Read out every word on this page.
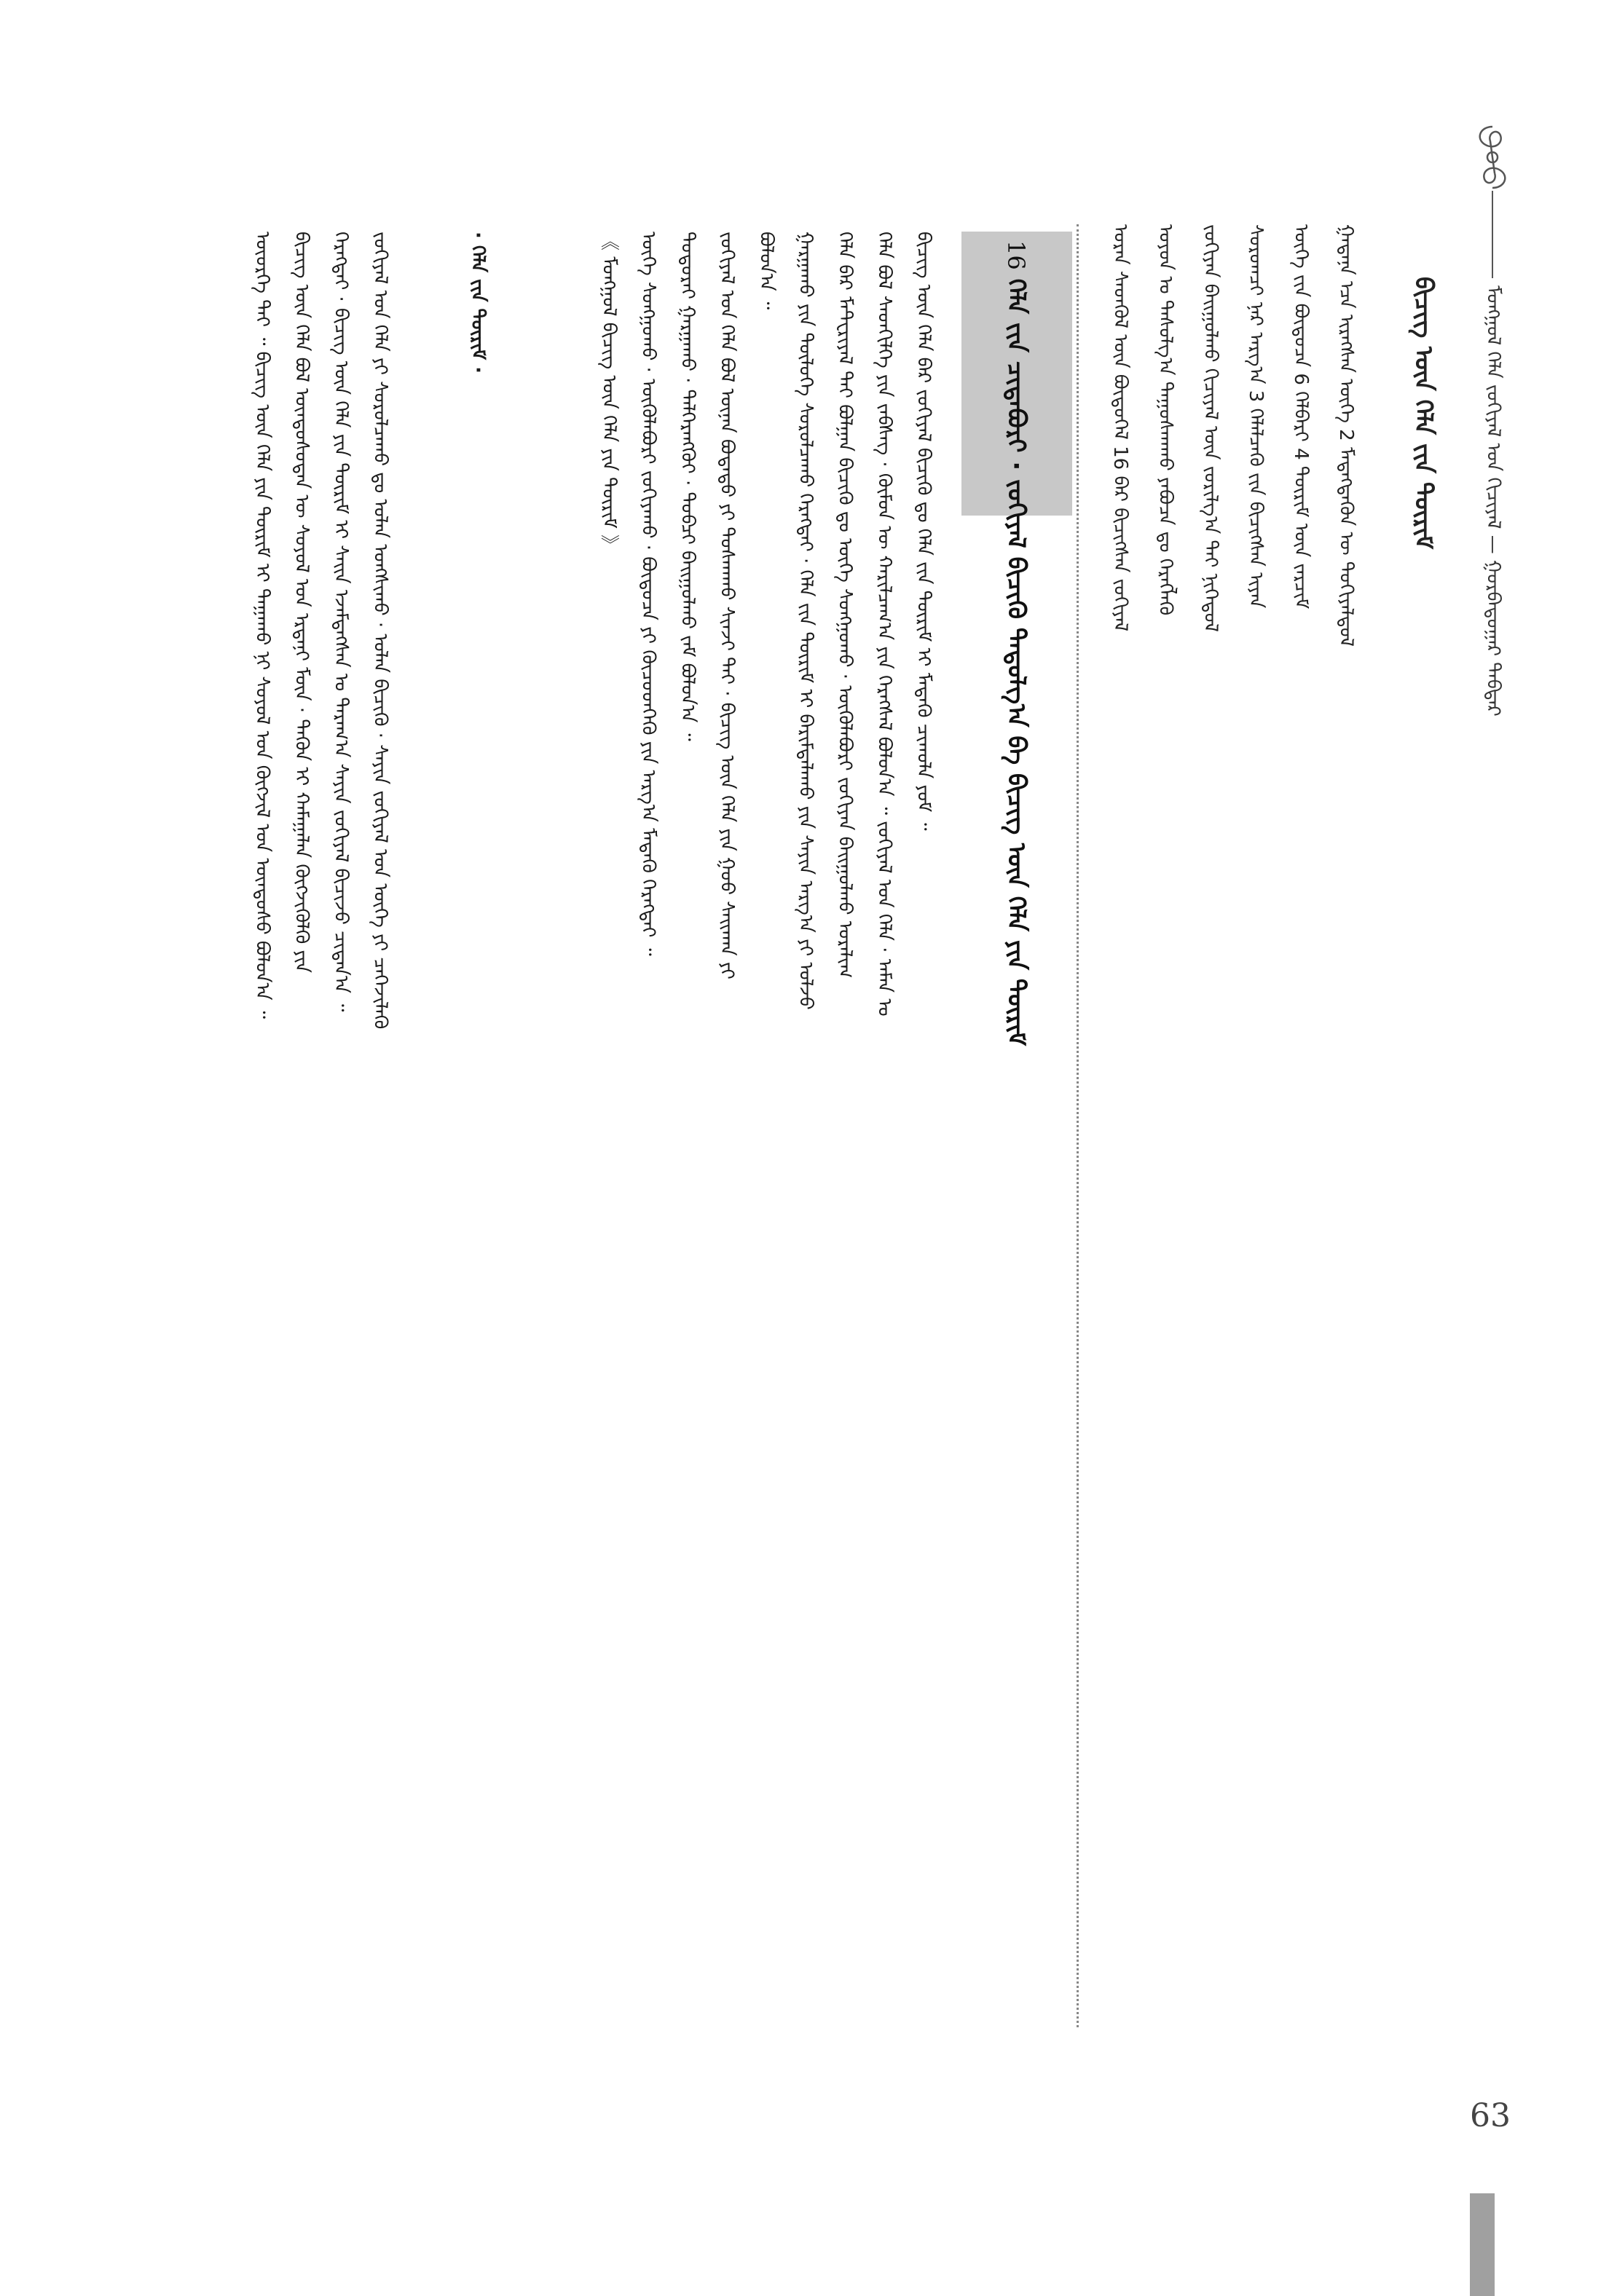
ᠮᠣᠩᠭᠣᠯ ᠬᠡᠯᠡ ᠵᠣᠬᠢᠶᠠᠯ ᠤᠨ ᠬᠢᠴᠢᠶᠡᠯ — ᠭᠤᠷᠪᠠᠳᠤᠭᠠᠷ ᠳᠡᠪᠲᠡᠷ
ᠪᠢᠴᠢᠭ ᠦᠨ ᠬᠡᠯᠡ ᠵᠢᠨ ᠳᠦᠷᠢᠮ
ᠭᠠᠳᠠᠨᠠ ᠡᠴᠡ ᠢᠷᠡᠭᠰᠡᠨ ᠦᠭᠡ 2 ᠮᠡᠳᠡᠭᠳᠡᠬᠦᠨ ᠦ ᠲᠣᠬᠢᠶᠠᠯᠳᠤᠯ
ᠦᠭᠡ ᠵᠢᠨ ᠪᠦᠲᠦᠴᠡ 6 ᠬᠡᠯᠪᠡᠷᠢ 4 ᠳᠦᠷᠢᠮ ᠦᠨ ᠵᠠᠷᠴᠢᠮ
ᠰᠤᠷᠤᠭᠴᠢ ᠨᠠᠷ ᠠᠷᠭ᠎ᠠ 3 ᠬᠡᠯᠡᠯᠴᠡᠬᠦ ᠵᠢᠨ ᠪᠢᠴᠢᠭᠰᠡᠨ ᠢᠶᠡᠨ
ᠵᠣᠬᠢᠶᠠᠨ ᠪᠠᠢᠭᠤᠯᠬᠤ ᠬᠢᠴᠢᠶᠡᠯ ᠦᠨ ᠵᠣᠷᠢᠯᠭ᠎ᠠ ᠲᠡᠢ ᠨᠢᠭᠡᠳᠦᠯ
ᠣᠶᠤᠨ ᠤ ᠳᠠᠰᠤᠯᠭ᠎ᠠ ᠳᠠᠭᠤᠰᠬᠠᠬᠤ ᠶᠠᠪᠤᠴᠠ ᠳᠤ ᠬᠡᠷᠡᠭᠯᠡᠬᠦ
ᠤᠷᠠᠨ ᠰᠡᠳᠬᠦᠯ ᠦᠨ ᠪᠦᠲᠦᠭᠡᠯ 16 ᠪᠠᠷ ᠪᠢᠴᠢᠭᠰᠡᠨ ᠵᠣᠬᠢᠶᠠᠯ
16 ᠬᠡᠯᠡ ᠵᠢᠨ ᠴᠢᠳᠠᠪᠤᠷᠢ · ᠵᠣᠬᠢᠶᠠᠯ ᠪᠢᠴᠢᠬᠦ ᠳᠠᠳᠤᠯᠭ᠎ᠠ ᠪᠠ ᠪᠢᠴᠢᠭ ᠦᠨ ᠬᠡᠯᠡ ᠶᠢᠨ ᠳᠦᠷᠢᠮ
ᠪᠢᠴᠢᠭ ᠦᠨ ᠬᠡᠯᠡ ᠪᠡᠷ ᠵᠣᠬᠢᠶᠠᠯ ᠪᠢᠴᠢᠬᠦ ᠳᠤ ᠬᠡᠯᠡ ᠵᠢᠨ ᠳᠦᠷᠢᠮ ᠢ ᠮᠡᠳᠡᠬᠦ ᠴᠢᠬᠤᠯᠠ ᠶᠤᠮ ᠃
ᠬᠡᠯᠡ ᠪᠣᠯ ᠰᠡᠳᠬᠢᠯᠭᠡ ᠶᠢᠨ ᠵᠡᠪᠰᠡᠭ · ᠬᠦᠮᠦᠨ ᠦ ᠬᠠᠷᠢᠯᠴᠠᠭ᠎ᠠ ᠶᠢᠨ ᠬᠡᠷᠡᠭᠰᠡᠯ ᠪᠣᠯᠤᠨ᠎ᠠ ᠃ ᠵᠣᠬᠢᠶᠠᠯ ᠤᠨ ᠬᠡᠯᠡ · ᠠᠮᠠᠨ ᠤ
ᠬᠡᠯᠡ ᠪᠡᠷ ᠮᠠᠲ᠋ᠧᠷᠢᠶᠠᠯ ᠲᠠᠢ ᠪᠣᠯᠭᠠᠨ ᠪᠢᠴᠢᠬᠦ ᠳᠤ ᠦᠭᠡ ᠰᠣᠩᠭᠣᠬᠤ · ᠥᠭᠦᠯᠡᠪᠦᠷᠢ ᠵᠣᠬᠢᠶᠠᠨ ᠪᠠᠢᠭᠤᠯᠬᠤ ᠤᠷᠠᠯᠢᠭ
ᠭᠠᠷᠭᠠᠬᠤ ᠶᠢᠨ ᠲᠥᠯᠥᠭᠡ ᠰᠤᠷᠤᠯᠴᠠᠬᠤ ᠬᠡᠷᠡᠭᠲᠡᠢ · ᠬᠡᠯᠡ ᠵᠢᠨ ᠳᠦᠷᠢᠮ ᠢ ᠪᠠᠷᠢᠮᠲᠠᠯᠠᠬᠤ ᠶᠢᠨ ᠰᠠᠶᠢᠨ ᠠᠷᠭ᠎ᠠ ᠶᠢ ᠣᠯᠵᠤ
ᠪᠣᠯᠤᠨ᠎ᠠ ᠃
ᠵᠣᠬᠢᠶᠠᠯ ᠤᠨ ᠬᠡᠯᠡ ᠪᠣᠯ ᠦᠨᠡᠨ ᠪᠣᠳᠠᠳᠤ ᠶᠢ ᠲᠤᠰᠬᠠᠬᠤ ᠰᠢᠨᠵᠢ ᠲᠡᠢ · ᠪᠢᠴᠢᠭ ᠦᠨ ᠬᠡᠯᠡ ᠶᠢᠨ ᠭᠣᠣ ᠰᠠᠢᠬᠠᠨ ᠶᠢ
ᠲᠣᠳᠣᠷᠠᠢ ᠭᠠᠷᠭᠠᠬᠤ · ᠳᠡᠯᠭᠡᠷᠡᠩᠭᠦᠢ · ᠲᠣᠪᠴᠢ ᠪᠠᠢᠭᠤᠯᠬᠤ ᠵᠠᠮ ᠪᠣᠯᠤᠨ᠎ᠠ ᠃
ᠦᠭᠡ ᠰᠣᠩᠭᠣᠬᠤ · ᠥᠭᠦᠯᠡᠪᠦᠷᠢ ᠵᠣᠬᠢᠶᠠᠬᠤ · ᠪᠦᠲᠦᠴᠡ ᠶᠢ ᠬᠦᠴᠦᠳᠬᠡᠬᠦ ᠶᠢᠨ ᠠᠷᠭ᠎ᠠ ᠮᠡᠳᠡᠬᠦ ᠬᠡᠷᠡᠭᠲᠡᠢ ᠃
《 ᠮᠣᠩᠭᠣᠯ ᠪᠢᠴᠢᠭ ᠦᠨ ᠬᠡᠯᠡ ᠶᠢᠨ ᠳᠦᠷᠢᠮ 》
· ᠬᠡᠯᠡ ᠵᠢᠨ ᠳᠦᠷᠢᠮ ·
ᠵᠣᠬᠢᠶᠠᠯ ᠤᠨ ᠬᠡᠯᠡ ᠶᠢ ᠰᠤᠷᠤᠯᠴᠠᠬᠤ ᠳᠤ ᠣᠯᠠᠨ ᠤᠩᠰᠢᠬᠤ · ᠣᠯᠠᠨ ᠪᠢᠴᠢᠬᠦ · ᠰᠠᠶᠢᠨ ᠵᠣᠬᠢᠶᠠᠯ ᠤᠨ ᠦᠭᠡ ᠶᠢ ᠴᠡᠭᠡᠵᠢᠯᠡᠬᠦ
ᠬᠡᠷᠡᠭᠲᠡᠢ · ᠪᠢᠴᠢᠭ ᠦᠨ ᠬᠡᠯᠡ ᠶᠢᠨ ᠳᠦᠷᠢᠮ ᠢ ᠰᠠᠢᠨ ᠡᠵᠡᠮᠳᠡᠭᠰᠡᠨ ᠤ ᠳᠠᠷᠠᠭ᠎ᠠ ᠰᠠᠶᠢᠨ ᠵᠣᠬᠢᠶᠠᠯ ᠪᠢᠴᠢᠵᠦ ᠴᠢᠳᠠᠨ᠎ᠠ ᠃
ᠪᠢᠴᠢᠭ ᠦᠨ ᠬᠡᠯᠡ ᠪᠣᠯ ᠦᠨᠳᠦᠰᠦᠲᠡᠨ ᠦ ᠰᠣᠶᠣᠯ ᠤᠨ ᠡᠷᠳᠡᠨᠢ ᠮᠥᠨ · ᠲᠡᠭᠦᠨ ᠢ ᠬᠠᠮᠠᠭᠠᠯᠠᠨ ᠬᠥᠭᠵᠢᠭᠦᠯᠬᠦ ᠶᠢᠨ
ᠦᠦᠷᠭᠡ ᠲᠡᠢ ᠃ ᠪᠢᠴᠢᠭ ᠦᠨ ᠬᠡᠯᠡ ᠶᠢᠨ ᠳᠦᠷᠢᠮ ᠢ ᠳᠠᠭᠠᠬᠤ ᠨᠢ ᠰᠣᠶᠣᠯ ᠤᠨ ᠬᠥᠭᠵᠢᠯ ᠤᠨ ᠦᠨᠳᠦᠰᠦ ᠪᠣᠯᠤᠨ᠎ᠠ ᠃
63
